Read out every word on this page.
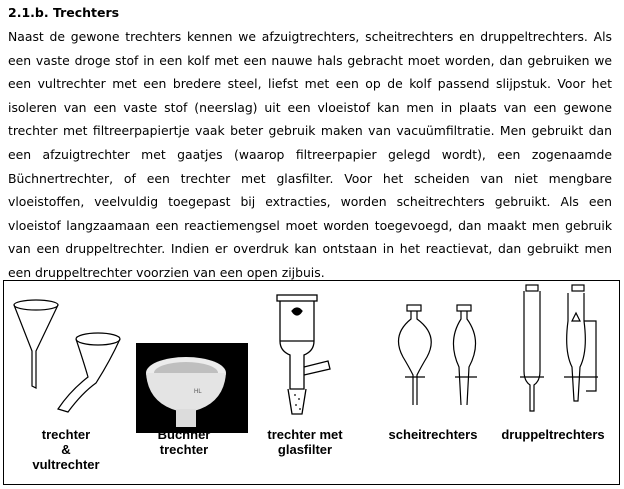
2.1.b. Trechters
Naast de gewone trechters kennen we afzuigtrechters, scheitrechters en druppeltrechters. Als
een vaste droge stof in een kolf met een nauwe hals gebracht moet worden, dan gebruiken we
een vultrechter met een bredere steel, liefst met een op de kolf passend slijpstuk. Voor het
isoleren van een vaste stof (neerslag) uit een vloeistof kan men in plaats van een gewone
trechter met filtreerpapiertje vaak beter gebruik maken van vacuümfiltratie. Men gebruikt dan
een afzuigtrechter met gaatjes (waarop filtreerpapier gelegd wordt), een zogenaamde
Büchnertrechter, of een trechter met glasfilter. Voor het scheiden van niet mengbare
vloeistoffen, veelvuldig toegepast bij extracties, worden scheitrechters gebruikt. Als een
vloeistof langzaamaan een reactiemengsel moet worden toegevoegd, dan maakt men gebruik
van een druppeltrechter. Indien er overdruk kan ontstaan in het reactievat, dan gebruikt men
een druppeltrechter voorzien van een open zijbuis.
HL
trechter
&
vultrechter
Büchner
trechter
trechter met
glasfilter
scheitrechters	druppeltrechters
